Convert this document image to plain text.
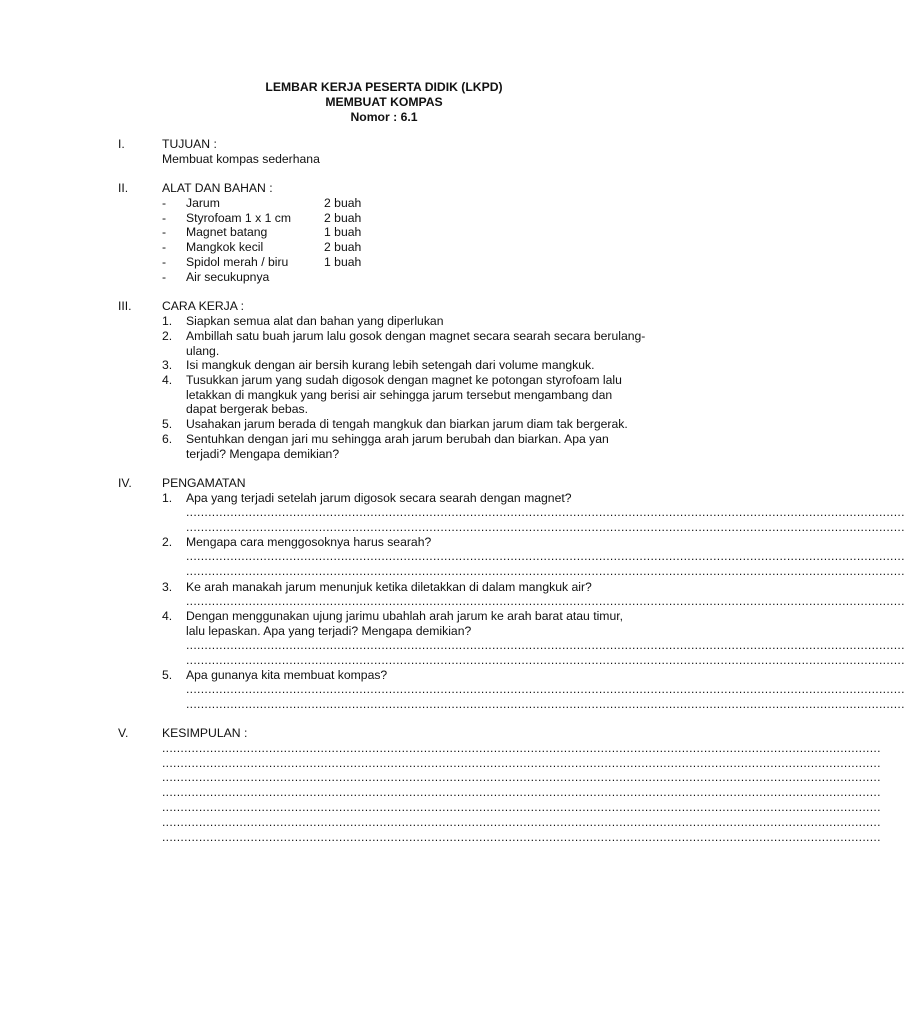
LEMBAR KERJA PESERTA DIDIK (LKPD)
MEMBUAT KOMPAS
Nomor : 6.1
I.	TUJUAN :
Membuat kompas sederhana
II.	ALAT DAN BAHAN :
- Jarum	2 buah
- Styrofoam 1 x 1 cm	2 buah
- Magnet batang	1 buah
- Mangkok kecil	2 buah
- Spidol merah / biru	1 buah
- Air secukupnya
III. CARA KERJA :
1. Siapkan semua alat dan bahan yang diperlukan
2. Ambillah satu buah jarum lalu gosok dengan magnet secara searah secara berulang-
ulang.
3. Isi mangkuk dengan air bersih kurang lebih setengah dari volume mangkuk.
4. Tusukkan jarum yang sudah digosok dengan magnet ke potongan styrofoam lalu
letakkan di mangkuk yang berisi air sehingga jarum tersebut mengambang dan
dapat bergerak bebas.
5. Usahakan jarum berada di tengah mangkuk dan biarkan jarum diam tak bergerak.
6. Sentuhkan dengan jari mu sehingga arah jarum berubah dan biarkan. Apa yan
terjadi? Mengapa demikian?
IV. PENGAMATAN
1. Apa yang terjadi setelah jarum digosok secara searah dengan magnet?
...................................................................................................................................................................................................
...................................................................................................................................................................................................
2. Mengapa cara menggosoknya harus searah?
...................................................................................................................................................................................................
...................................................................................................................................................................................................
3. Ke arah manakah jarum menunjuk ketika diletakkan di dalam mangkuk air?
...................................................................................................................................................................................................
4. Dengan menggunakan ujung jarimu ubahlah arah jarum ke arah barat atau timur,
lalu lepaskan. Apa yang terjadi? Mengapa demikian?
...................................................................................................................................................................................................
...................................................................................................................................................................................................
5. Apa gunanya kita membuat kompas?
...................................................................................................................................................................................................
...................................................................................................................................................................................................
V.	KESIMPULAN :
...................................................................................................................................................................................................
...................................................................................................................................................................................................
...................................................................................................................................................................................................
...................................................................................................................................................................................................
...................................................................................................................................................................................................
...................................................................................................................................................................................................
...................................................................................................................................................................................................
